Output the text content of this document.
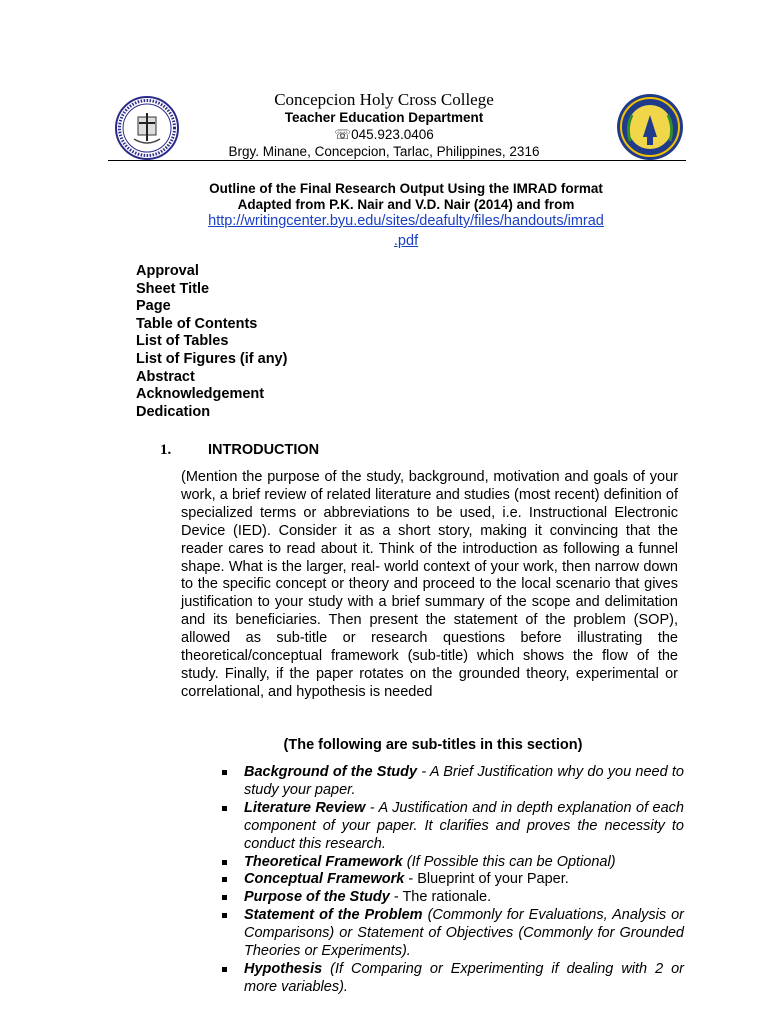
Concepcion Holy Cross College
Teacher Education Department
☏045.923.0406
Brgy. Minane, Concepcion, Tarlac, Philippines, 2316
Outline of the Final Research Output Using the IMRAD format
Adapted from P.K. Nair and V.D. Nair (2014) and from
http://writingcenter.byu.edu/sites/deafulty/files/handouts/imrad
.pdf
Approval
Sheet Title
Page
Table of Contents
List of Tables
List of Figures (if any)
Abstract
Acknowledgement
Dedication
1.	INTRODUCTION
(Mention the purpose of the study, background, motivation and goals of your work, a brief review of related literature and studies (most recent) definition of specialized terms or abbreviations to be used, i.e. Instructional Electronic Device (IED). Consider it as a short story, making it convincing that the reader cares to read about it. Think of the introduction as following a funnel shape. What is the larger, real- world context of your work, then narrow down to the specific concept or theory and proceed to the local scenario that gives justification to your study with a brief summary of the scope and delimitation and its beneficiaries. Then present the statement of the problem (SOP), allowed as sub-title or research questions before illustrating the theoretical/conceptual framework (sub-title) which shows the flow of the study. Finally, if the paper rotates on the grounded theory, experimental or correlational, and hypothesis is needed
(The following are sub-titles in this section)
Background of the Study - A Brief Justification why do you need to study your paper.
Literature Review - A Justification and in depth explanation of each component of your paper. It clarifies and proves the necessity to conduct this research.
Theoretical Framework (If Possible this can be Optional)
Conceptual Framework - Blueprint of your Paper.
Purpose of the Study - The rationale.
Statement of the Problem (Commonly for Evaluations, Analysis or Comparisons) or Statement of Objectives (Commonly for Grounded Theories or Experiments).
Hypothesis (If Comparing or Experimenting if dealing with 2 or more variables).
